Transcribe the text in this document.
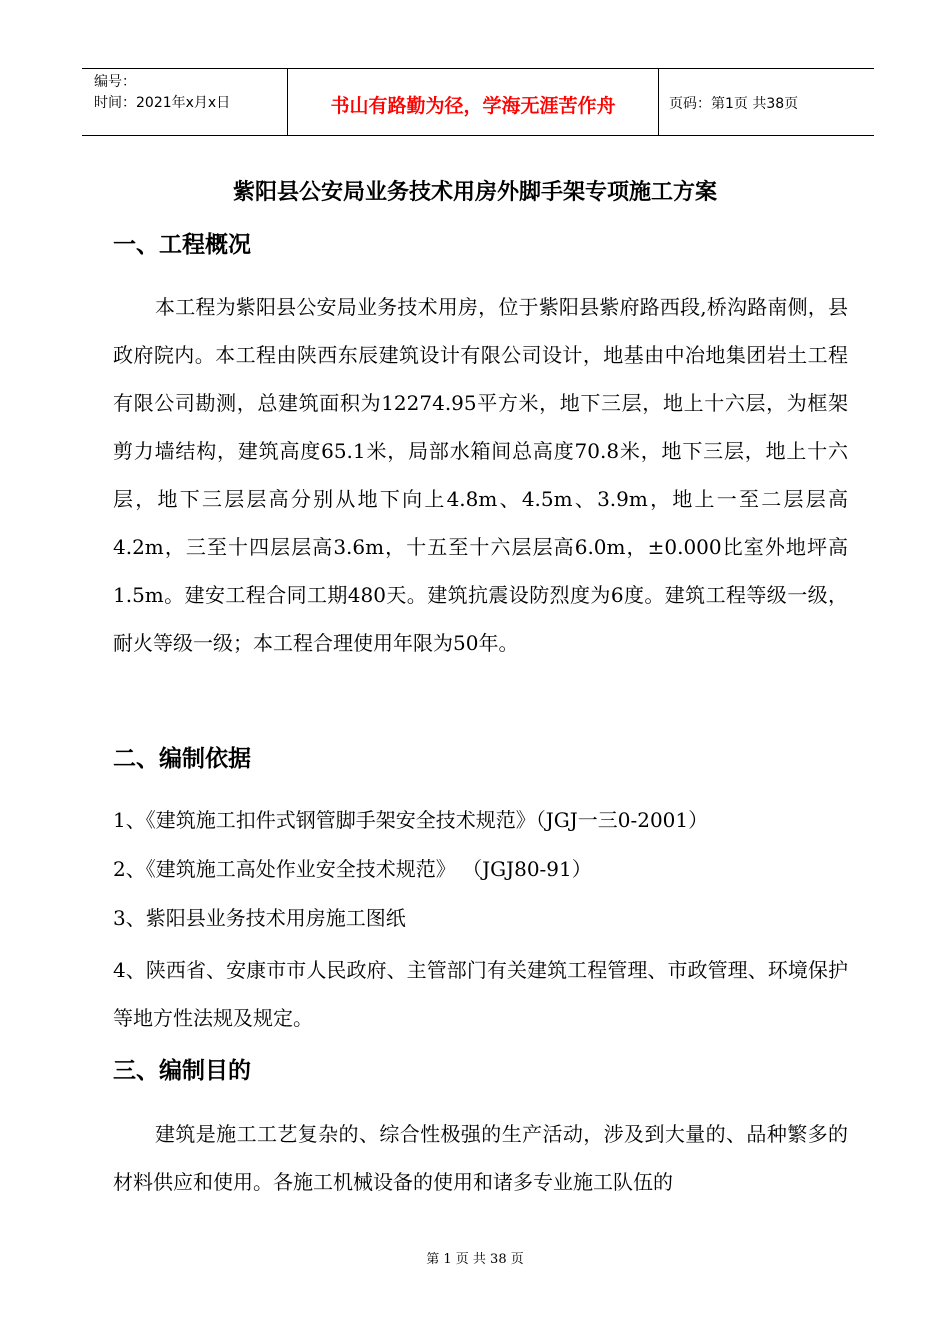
编号：
时间：2021年x月x日	书山有路勤为径，学海无涯苦作舟	页码：第1页 共38页
紫阳县公安局业务技术用房外脚手架专项施工方案
一、工程概况

本工程为紫阳县公安局业务技术用房，位于紫阳县紫府路西段,桥沟路南侧，县政府院内。本工程由陕西东辰建筑设计有限公司设计，地基由中冶地集团岩土工程有限公司勘测，总建筑面积为12274.95平方米，地下三层，地上十六层，为框架剪力墙结构，建筑高度65.1米，局部水箱间总高度70.8米，地下三层，地上十六层，地下三层层高分别从地下向上4.8m、4.5m、3.9m，地上一至二层层高4.2m，三至十四层层高3.6m，十五至十六层层高6.0m，±0.000比室外地坪高1.5m。建安工程合同工期480天。建筑抗震设防烈度为6度。建筑工程等级一级，耐火等级一级；本工程合理使用年限为50年。

二、编制依据
1、《建筑施工扣件式钢管脚手架安全技术规范》（JGJ一三0-2001）
2、《建筑施工高处作业安全技术规范》 （JGJ80-91）
3、紫阳县业务技术用房施工图纸

4、陕西省、安康市市人民政府、主管部门有关建筑工程管理、市政管理、环境保护等地方性法规及规定。

三、编制目的

建筑是施工工艺复杂的、综合性极强的生产活动，涉及到大量的、品种繁多的材料供应和使用。各施工机械设备的使用和诸多专业施工队伍的

第 1 页 共 38 页
